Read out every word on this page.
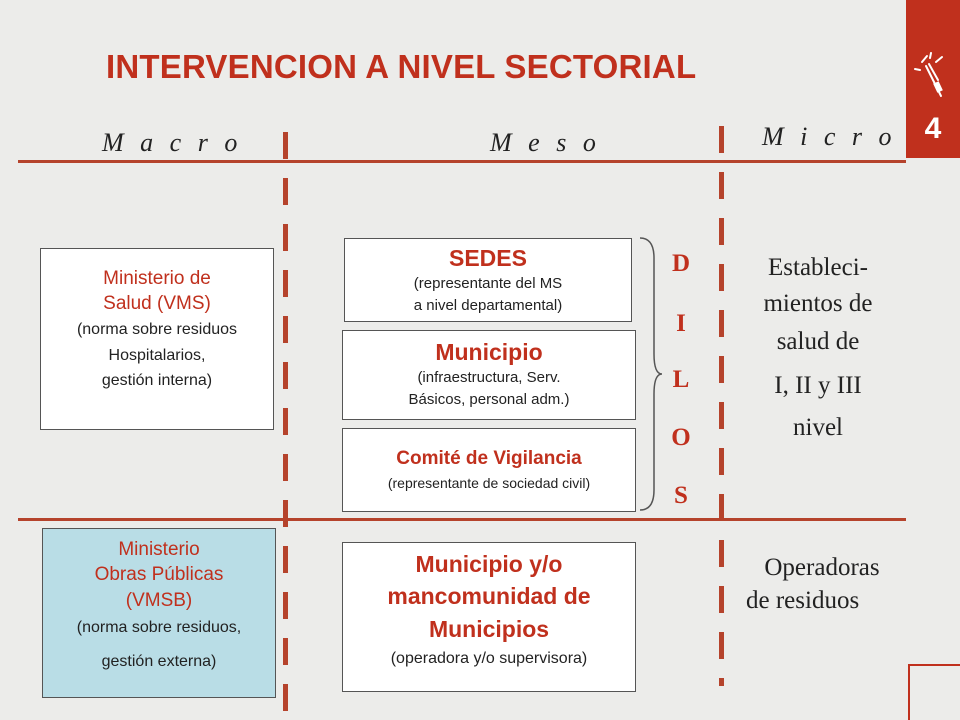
4
INTERVENCION A NIVEL SECTORIAL
M a c r o	M e s o	M i c r o
Ministerio de
Salud (VMS)
(norma sobre residuos
Hospitalarios,
gestión interna)
Ministerio
Obras Públicas
(VMSB)
(norma sobre residuos,
gestión externa)
SEDES
(representante del MS
a nivel departamental)
Municipio
(infraestructura, Serv.
Básicos, personal adm.)
Comité de Vigilancia
(representante de sociedad civil)
Municipio y/o
mancomunidad de
Municipios
(operadora y/o supervisora)
D
I
L
O
S
Estableci-
mientos de
salud de
I, II y III
nivel
Operadoras
de residuos
